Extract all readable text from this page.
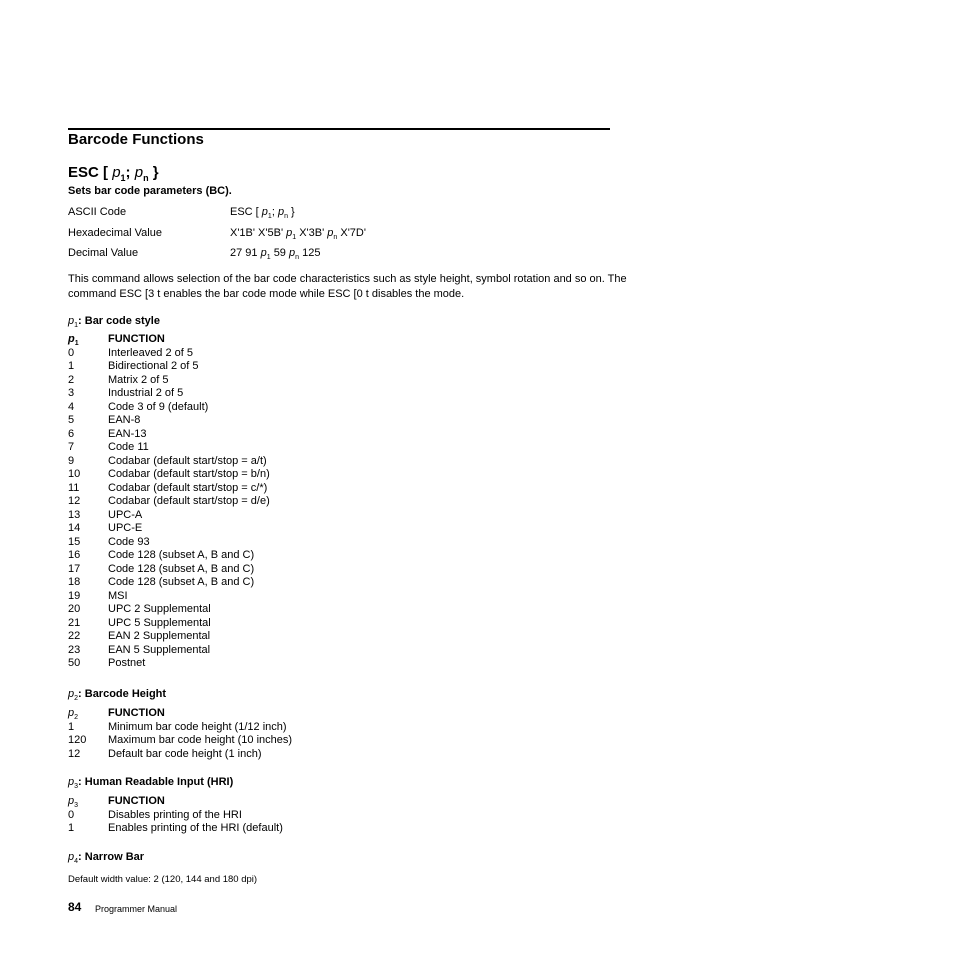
Barcode Functions
ESC [ $p_1$; $p_n$ }
Sets bar code parameters (BC).
ASCII Code	ESC [ $p_1$; $p_n$ }
Hexadecimal Value	X'1B' X'5B' $p_1$ X'3B' $p_n$ X'7D'
Decimal Value	27 91 $p_1$ 59 $p_n$ 125
This command allows selection of the bar code characteristics such as style height, symbol rotation and so on. The command ESC [3 t enables the bar code mode while ESC [0 t disables the mode.
$p_1$: Bar code style
$p_1$	FUNCTION
0	Interleaved 2 of 5
1	Bidirectional 2 of 5
2	Matrix 2 of 5
3	Industrial 2 of 5
4	Code 3 of 9 (default)
5	EAN-8
6	EAN-13
7	Code 11
9	Codabar (default start/stop = a/t)
10	Codabar (default start/stop = b/n)
11	Codabar (default start/stop = c/*)
12	Codabar (default start/stop = d/e)
13	UPC-A
14	UPC-E
15	Code 93
16	Code 128 (subset A, B and C)
17	Code 128 (subset A, B and C)
18	Code 128 (subset A, B and C)
19	MSI
20	UPC 2 Supplemental
21	UPC 5 Supplemental
22	EAN 2 Supplemental
23	EAN 5 Supplemental
50	Postnet
$p_2$: Barcode Height
$p_2$	FUNCTION
1	Minimum bar code height (1/12 inch)
120	Maximum bar code height (10 inches)
12	Default bar code height (1 inch)
$p_3$: Human Readable Input (HRI)
$p_3$	FUNCTION
0	Disables printing of the HRI
1	Enables printing of the HRI (default)
$p_4$: Narrow Bar
Default width value: 2 (120, 144 and 180 dpi)
84 Programmer Manual
